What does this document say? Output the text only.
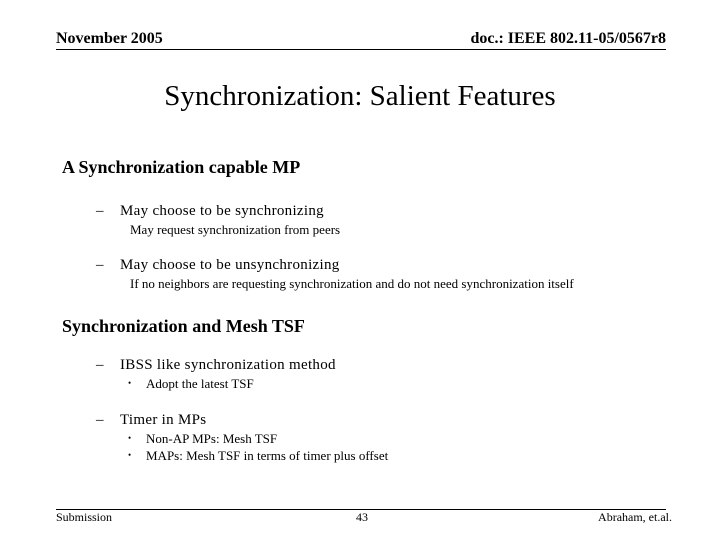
November 2005	doc.: IEEE 802.11-05/0567r8
Synchronization: Salient Features
A Synchronization capable MP
– May choose to be synchronizing
May request synchronization from peers
– May choose to be unsynchronizing
If no neighbors are requesting synchronization and do not need synchronization itself
Synchronization and Mesh TSF
– IBSS like synchronization method
• Adopt the latest TSF
– Timer in MPs
• Non-AP MPs: Mesh TSF
• MAPs: Mesh TSF in terms of timer plus offset
Submission	43	Abraham, et.al.
